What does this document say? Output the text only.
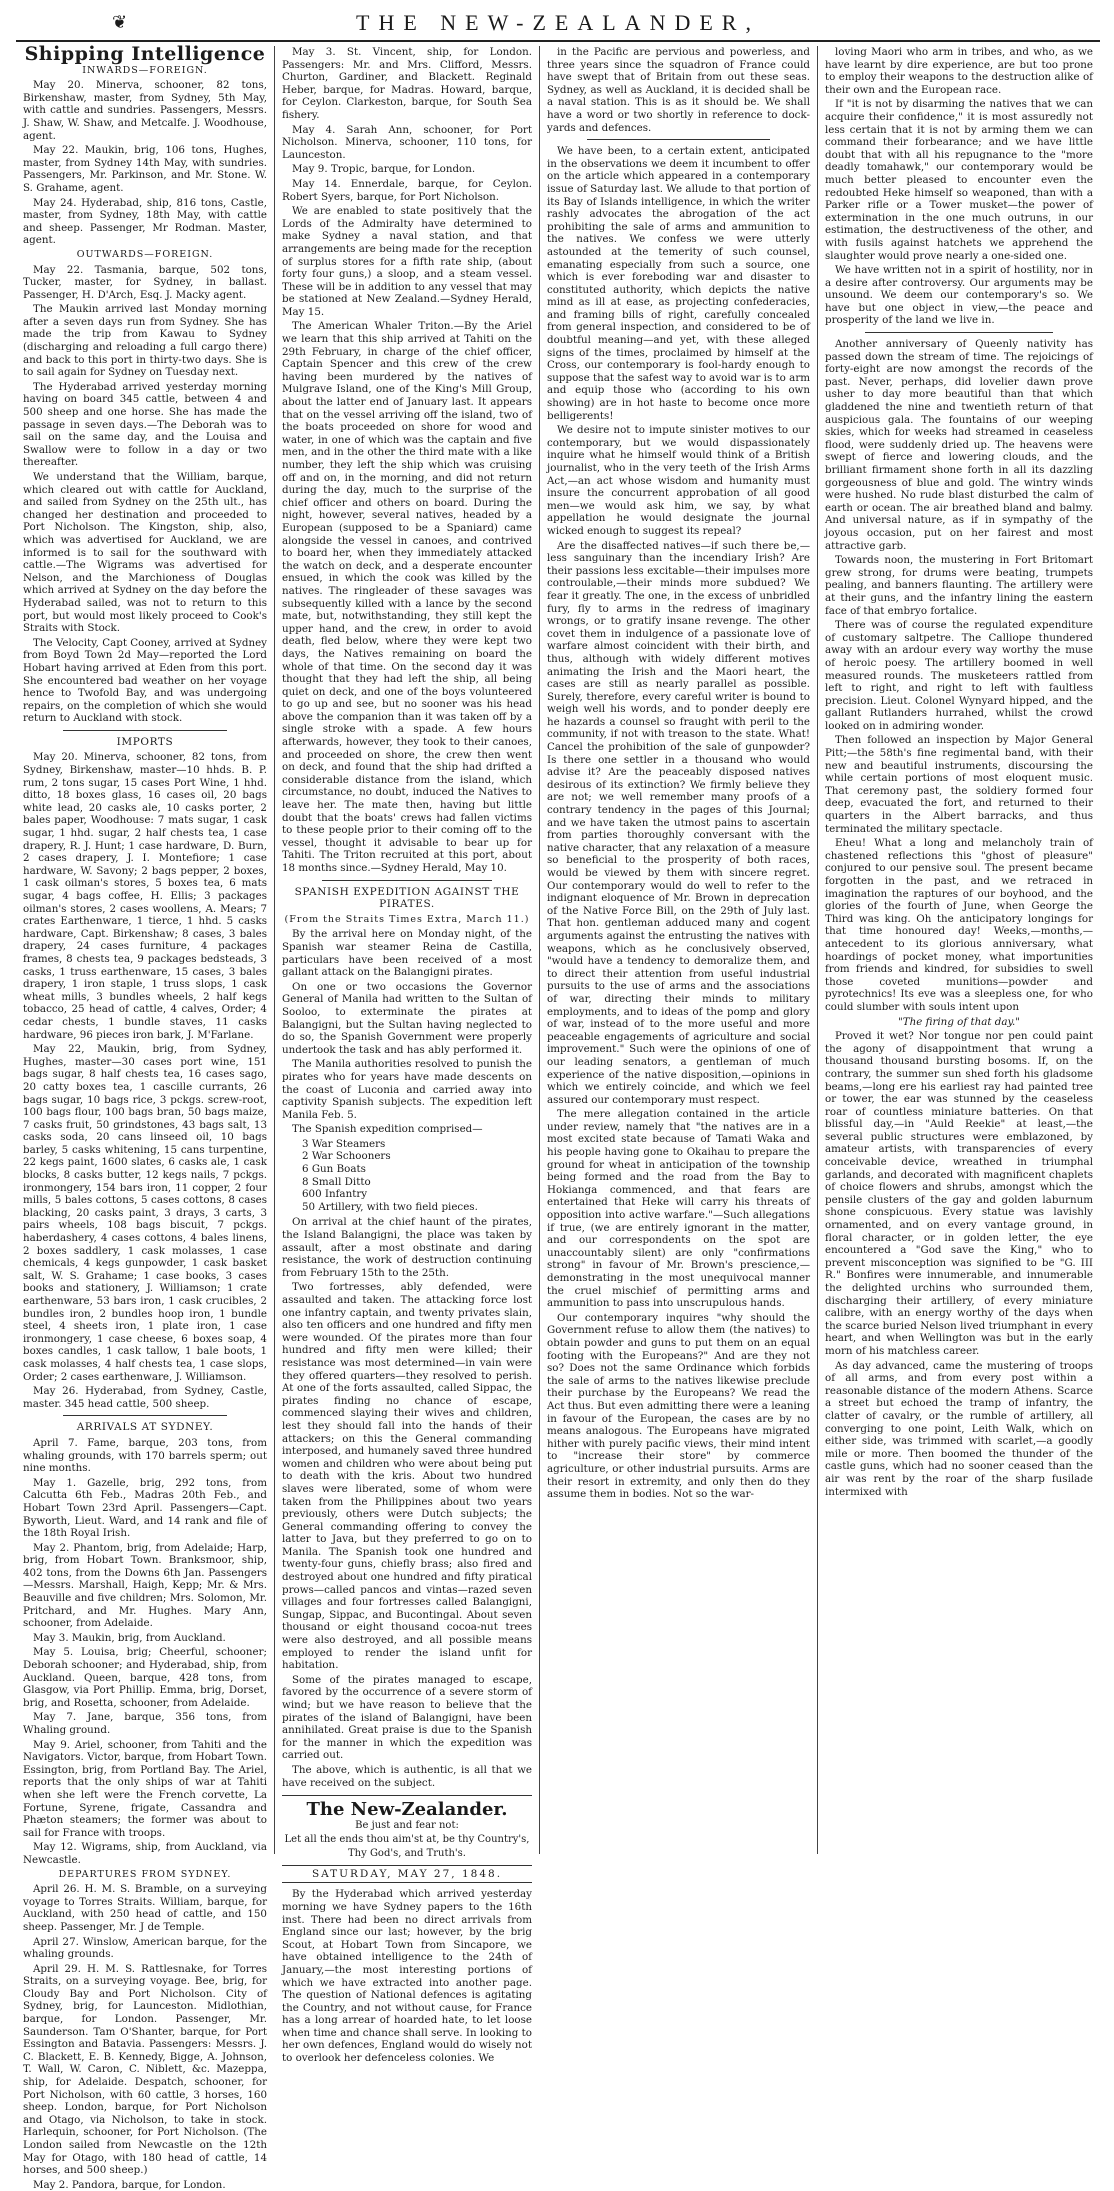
❦	THE NEW-ZEALANDER,
Shipping Intelligence
INWARDS—FOREIGN.

May 20. Minerva, schooner, 82 tons, Birkenshaw, master, from Sydney, 5th May, with cattle and sundries. Passengers, Messrs. J. Shaw, W. Shaw, and Metcalfe. J. Woodhouse, agent.

May 22. Maukin, brig, 106 tons, Hughes, master, from Sydney 14th May, with sundries. Passengers, Mr. Parkinson, and Mr. Stone. W. S. Grahame, agent.

May 24. Hyderabad, ship, 816 tons, Castle, master, from Sydney, 18th May, with cattle and sheep. Passenger, Mr Rodman. Master, agent.

OUTWARDS—FOREIGN.

May 22. Tasmania, barque, 502 tons, Tucker, master, for Sydney, in ballast. Passenger, H. D'Arch, Esq. J. Macky agent.

The Maukin arrived last Monday morning after a seven days run from Sydney. She has made the trip from Kawau to Sydney (discharging and reloading a full cargo there) and back to this port in thirty-two days. She is to sail again for Sydney on Tuesday next.

The Hyderabad arrived yesterday morning having on board 345 cattle, between 4 and 500 sheep and one horse. She has made the passage in seven days.—The Deborah was to sail on the same day, and the Louisa and Swallow were to follow in a day or two thereafter.

We understand that the William, barque, which cleared out with cattle for Auckland, and sailed from Sydney on the 25th ult., has changed her destination and proceeded to Port Nicholson. The Kingston, ship, also, which was advertised for Auckland, we are informed is to sail for the southward with cattle.—The Wigrams was advertised for Nelson, and the Marchioness of Douglas which arrived at Sydney on the day before the Hyderabad sailed, was not to return to this port, but would most likely proceed to Cook's Straits with Stock.

The Velocity, Capt Cooney, arrived at Sydney from Boyd Town 2d May—reported the Lord Hobart having arrived at Eden from this port. She encountered bad weather on her voyage hence to Twofold Bay, and was undergoing repairs, on the completion of which she would return to Auckland with stock.

IMPORTS

May 20. Minerva, schooner, 82 tons, from Sydney, Birkenshaw, master—10 hhds. B. P. rum, 2 tons sugar, 15 cases Port Wine, 1 hhd. ditto, 18 boxes glass, 16 cases oil, 20 bags white lead, 20 casks ale, 10 casks porter, 2 bales paper, Woodhouse: 7 mats sugar, 1 cask sugar, 1 hhd. sugar, 2 half chests tea, 1 case drapery, R. J. Hunt; 1 case hardware, D. Burn, 2 cases drapery, J. I. Montefiore; 1 case hardware, W. Savony; 2 bags pepper, 2 boxes, 1 cask oilman's stores, 5 boxes tea, 6 mats sugar, 4 bags coffee, H. Ellis; 3 packages oilman's stores, 2 cases woollens, A. Mears; 7 crates Earthenware, 1 tierce, 1 hhd. 5 casks hardware, Capt. Birkenshaw; 8 cases, 3 bales drapery, 24 cases furniture, 4 packages frames, 8 chests tea, 9 packages bedsteads, 3 casks, 1 truss earthenware, 15 cases, 3 bales drapery, 1 iron staple, 1 truss slops, 1 cask wheat mills, 3 bundles wheels, 2 half kegs tobacco, 25 head of cattle, 4 calves, Order; 4 cedar chests, 1 bundle staves, 11 casks hardware, 96 pieces iron bark, J. M'Farlane.

May 22, Maukin, brig, from Sydney, Hughes, master—30 cases port wine, 151 bags sugar, 8 half chests tea, 16 cases sago, 20 catty boxes tea, 1 cascille currants, 26 bags sugar, 10 bags rice, 3 pckgs. screw-root, 100 bags flour, 100 bags bran, 50 bags maize, 7 casks fruit, 50 grindstones, 43 bags salt, 13 casks soda, 20 cans linseed oil, 10 bags barley, 5 casks whitening, 15 cans turpentine, 22 kegs paint, 1600 slates, 6 casks ale, 1 cask blocks, 8 casks butter, 12 kegs nails, 7 pckgs. ironmongery, 154 bars iron, 11 copper, 2 four mills, 5 bales cottons, 5 cases cottons, 8 cases blacking, 20 casks paint, 3 drays, 3 carts, 3 pairs wheels, 108 bags biscuit, 7 pckgs. haberdashery, 4 cases cottons, 4 bales linens, 2 boxes saddlery, 1 cask molasses, 1 case chemicals, 4 kegs gunpowder, 1 cask basket salt, W. S. Grahame; 1 case books, 3 cases books and stationery, J. Williamson; 1 crate earthenware, 53 bars iron, 1 cask crucibles, 2 bundles iron, 2 bundles hoop iron, 1 bundle steel, 4 sheets iron, 1 plate iron, 1 case ironmongery, 1 case cheese, 6 boxes soap, 4 boxes candles, 1 cask tallow, 1 bale boots, 1 cask molasses, 4 half chests tea, 1 case slops, Order; 2 cases earthenware, J. Williamson.

May 26. Hyderabad, from Sydney, Castle, master. 345 head cattle, 500 sheep.

ARRIVALS AT SYDNEY.

April 7. Fame, barque, 203 tons, from whaling grounds, with 170 barrels sperm; out nine months.

May 1. Gazelle, brig, 292 tons, from Calcutta 6th Feb., Madras 20th Feb., and Hobart Town 23rd April. Passengers—Capt. Byworth, Lieut. Ward, and 14 rank and file of the 18th Royal Irish.

May 2. Phantom, brig, from Adelaide; Harp, brig, from Hobart Town. Branksmoor, ship, 402 tons, from the Downs 6th Jan. Passengers—Messrs. Marshall, Haigh, Kepp; Mr. & Mrs. Beauville and five children; Mrs. Solomon, Mr. Pritchard, and Mr. Hughes. Mary Ann, schooner, from Adelaide.

May 3. Maukin, brig, from Auckland.

May 5. Louisa, brig; Cheerful, schooner; Deborah schooner; and Hyderabad, ship, from Auckland. Queen, barque, 428 tons, from Glasgow, via Port Phillip. Emma, brig, Dorset, brig, and Rosetta, schooner, from Adelaide.

May 7. Jane, barque, 356 tons, from Whaling ground.

May 9. Ariel, schooner, from Tahiti and the Navigators. Victor, barque, from Hobart Town. Essington, brig, from Portland Bay. The Ariel, reports that the only ships of war at Tahiti when she left were the French corvette, La Fortune, Syrene, frigate, Cassandra and Phæton steamers; the former was about to sail for France with troops.

May 12. Wigrams, ship, from Auckland, via Newcastle.

DEPARTURES FROM SYDNEY.

April 26. H. M. S. Bramble, on a surveying voyage to Torres Straits. William, barque, for Auckland, with 250 head of cattle, and 150 sheep. Passenger, Mr. J de Temple.

April 27. Winslow, American barque, for the whaling grounds.

April 29. H. M. S. Rattlesnake, for Torres Straits, on a surveying voyage. Bee, brig, for Cloudy Bay and Port Nicholson. City of Sydney, brig, for Launceston. Midlothian, barque, for London. Passenger, Mr. Saunderson. Tam O'Shanter, barque, for Port Essington and Batavia. Passengers: Messrs. J. C. Blackett, E. B. Kennedy, Bigge, A. Johnson, T. Wall, W. Caron, C. Niblett, &c. Mazeppa, ship, for Adelaide. Despatch, schooner, for Port Nicholson, with 60 cattle, 3 horses, 160 sheep. London, barque, for Port Nicholson and Otago, via Nicholson, to take in stock. Harlequin, schooner, for Port Nicholson. (The London sailed from Newcastle on the 12th May for Otago, with 180 head of cattle, 14 horses, and 500 sheep.)

May 2. Pandora, barque, for London.

May 3. St. Vincent, ship, for London. Passengers: Mr. and Mrs. Clifford, Messrs. Churton, Gardiner, and Blackett. Reginald Heber, barque, for Madras. Howard, barque, for Ceylon. Clarkeston, barque, for South Sea fishery.

May 4. Sarah Ann, schooner, for Port Nicholson. Minerva, schooner, 110 tons, for Launceston.

May 9. Tropic, barque, for London.

May 14. Ennerdale, barque, for Ceylon. Robert Syers, barque, for Port Nicholson.

We are enabled to state positively that the Lords of the Admiralty have determined to make Sydney a naval station, and that arrangements are being made for the reception of surplus stores for a fifth rate ship, (about forty four guns,) a sloop, and a steam vessel. These will be in addition to any vessel that may be stationed at New Zealand.—Sydney Herald, May 15.

The American Whaler Triton.—By the Ariel we learn that this ship arrived at Tahiti on the 29th February, in charge of the chief officer, Captain Spencer and this crew of the crew having been murdered by the natives of Mulgrave Island, one of the King's Mill Group, about the latter end of January last. It appears that on the vessel arriving off the island, two of the boats proceeded on shore for wood and water, in one of which was the captain and five men, and in the other the third mate with a like number, they left the ship which was cruising off and on, in the morning, and did not return during the day, much to the surprise of the chief officer and others on board. During the night, however, several natives, headed by a European (supposed to be a Spaniard) came alongside the vessel in canoes, and contrived to board her, when they immediately attacked the watch on deck, and a desperate encounter ensued, in which the cook was killed by the natives. The ringleader of these savages was subsequently killed with a lance by the second mate, but, notwithstanding, they still kept the upper hand, and the crew, in order to avoid death, fled below, where they were kept two days, the Natives remaining on board the whole of that time. On the second day it was thought that they had left the ship, all being quiet on deck, and one of the boys volunteered to go up and see, but no sooner was his head above the companion than it was taken off by a single stroke with a spade. A few hours afterwards, however, they took to their canoes, and proceeded on shore, the crew then went on deck, and found that the ship had drifted a considerable distance from the island, which circumstance, no doubt, induced the Natives to leave her. The mate then, having but little doubt that the boats' crews had fallen victims to these people prior to their coming off to the vessel, thought it advisable to bear up for Tahiti. The Triton recruited at this port, about 18 months since.—Sydney Herald, May 10.

SPANISH EXPEDITION AGAINST THE PIRATES.
(From the Straits Times Extra, March 11.)

By the arrival here on Monday night, of the Spanish war steamer Reina de Castilla, particulars have been received of a most gallant attack on the Balangigni pirates.

On one or two occasions the Governor General of Manila had written to the Sultan of Sooloo, to exterminate the pirates at Balangigni, but the Sultan having neglected to do so, the Spanish Government were properly undertook the task and has ably performed it.

The Manila authorities resolved to punish the pirates who for years have made descents on the coast of Luconia and carried away into captivity Spanish subjects. The expedition left Manila Feb. 5.

The Spanish expedition comprised—

3 War Steamers
2 War Schooners
6 Gun Boats
8 Small Ditto
600 Infantry
50 Artillery, with two field pieces.

On arrival at the chief haunt of the pirates, the Island Balangigni, the place was taken by assault, after a most obstinate and daring resistance, the work of destruction continuing from February 15th to the 25th.

Two fortresses, ably defended, were assaulted and taken. The attacking force lost one infantry captain, and twenty privates slain, also ten officers and one hundred and fifty men were wounded. Of the pirates more than four hundred and fifty men were killed; their resistance was most determined—in vain were they offered quarters—they resolved to perish. At one of the forts assaulted, called Sippac, the pirates finding no chance of escape, commenced slaying their wives and children, lest they should fall into the hands of their attackers; on this the General commanding interposed, and humanely saved three hundred women and children who were about being put to death with the kris. About two hundred slaves were liberated, some of whom were taken from the Philippines about two years previously, others were Dutch subjects; the General commanding offering to convey the latter to Java, but they preferred to go on to Manila. The Spanish took one hundred and twenty-four guns, chiefly brass; also fired and destroyed about one hundred and fifty piratical prows—called pancos and vintas—razed seven villages and four fortresses called Balangigni, Sungap, Sippac, and Bucontingal. About seven thousand or eight thousand cocoa-nut trees were also destroyed, and all possible means employed to render the island unfit for habitation.

Some of the pirates managed to escape, favored by the occurrence of a severe storm of wind; but we have reason to believe that the pirates of the island of Balangigni, have been annihilated. Great praise is due to the Spanish for the manner in which the expedition was carried out.

The above, which is authentic, is all that we have received on the subject.

The New-Zealander.
Be just and fear not:
Let all the ends thou aim'st at, be thy Country's,
Thy God's, and Truth's.
SATURDAY, MAY 27, 1848.

By the Hyderabad which arrived yesterday morning we have Sydney papers to the 16th inst. There had been no direct arrivals from England since our last; however, by the brig Scout, at Hobart Town from Sincapore, we have obtained intelligence to the 24th of January,—the most interesting portions of which we have extracted into another page. The question of National defences is agitating the Country, and not without cause, for France has a long arrear of hoarded hate, to let loose when time and chance shall serve. In looking to her own defences, England would do wisely not to overlook her defenceless colonies. We

in the Pacific are pervious and powerless, and three years since the squadron of France could have swept that of Britain from out these seas. Sydney, as well as Auckland, it is decided shall be a naval station. This is as it should be. We shall have a word or two shortly in reference to dock-yards and defences.

We have been, to a certain extent, anticipated in the observations we deem it incumbent to offer on the article which appeared in a contemporary issue of Saturday last. We allude to that portion of its Bay of Islands intelligence, in which the writer rashly advocates the abrogation of the act prohibiting the sale of arms and ammunition to the natives. We confess we were utterly astounded at the temerity of such counsel, emanating especially from such a source, one which is ever foreboding war and disaster to constituted authority, which depicts the native mind as ill at ease, as projecting confederacies, and framing bills of right, carefully concealed from general inspection, and considered to be of doubtful meaning—and yet, with these alleged signs of the times, proclaimed by himself at the Cross, our contemporary is fool-hardy enough to suppose that the safest way to avoid war is to arm and equip those who (according to his own showing) are in hot haste to become once more belligerents!

We desire not to impute sinister motives to our contemporary, but we would dispassionately inquire what he himself would think of a British journalist, who in the very teeth of the Irish Arms Act,—an act whose wisdom and humanity must insure the concurrent approbation of all good men—we would ask him, we say, by what appellation he would designate the journal wicked enough to suggest its repeal?

Are the disaffected natives—if such there be,—less sanguinary than the incendiary Irish? Are their passions less excitable—their impulses more controulable,—their minds more subdued? We fear it greatly. The one, in the excess of unbridled fury, fly to arms in the redress of imaginary wrongs, or to gratify insane revenge. The other covet them in indulgence of a passionate love of warfare almost coincident with their birth, and thus, although with widely different motives animating the Irish and the Maori heart, the cases are still as nearly parallel as possible. Surely, therefore, every careful writer is bound to weigh well his words, and to ponder deeply ere he hazards a counsel so fraught with peril to the community, if not with treason to the state. What! Cancel the prohibition of the sale of gunpowder? Is there one settler in a thousand who would advise it? Are the peaceably disposed natives desirous of its extinction? We firmly believe they are not; we well remember many proofs of a contrary tendency in the pages of this Journal; and we have taken the utmost pains to ascertain from parties thoroughly conversant with the native character, that any relaxation of a measure so beneficial to the prosperity of both races, would be viewed by them with sincere regret. Our contemporary would do well to refer to the indignant eloquence of Mr. Brown in deprecation of the Native Force Bill, on the 29th of July last. That hon. gentleman adduced many and cogent arguments against the entrusting the natives with weapons, which as he conclusively observed, "would have a tendency to demoralize them, and to direct their attention from useful industrial pursuits to the use of arms and the associations of war, directing their minds to military employments, and to ideas of the pomp and glory of war, instead of to the more useful and more peaceable engagements of agriculture and social improvement." Such were the opinions of one of our leading senators, a gentleman of much experience of the native disposition,—opinions in which we entirely coincide, and which we feel assured our contemporary must respect.

The mere allegation contained in the article under review, namely that "the natives are in a most excited state because of Tamati Waka and his people having gone to Okaihau to prepare the ground for wheat in anticipation of the township being formed and the road from the Bay to Hokianga commenced, and that fears are entertained that Heke will carry his threats of opposition into active warfare."—Such allegations if true, (we are entirely ignorant in the matter, and our correspondents on the spot are unaccountably silent) are only "confirmations strong" in favour of Mr. Brown's prescience,—demonstrating in the most unequivocal manner the cruel mischief of permitting arms and ammunition to pass into unscrupulous hands.

Our contemporary inquires "why should the Government refuse to allow them (the natives) to obtain powder and guns to put them on an equal footing with the Europeans?" And are they not so? Does not the same Ordinance which forbids the sale of arms to the natives likewise preclude their purchase by the Europeans? We read the Act thus. But even admitting there were a leaning in favour of the European, the cases are by no means analogous. The Europeans have migrated hither with purely pacific views, their mind intent to "increase their store" by commerce agriculture, or other industrial pursuits. Arms are their resort in extremity, and only then do they assume them in bodies. Not so the war-

loving Maori who arm in tribes, and who, as we have learnt by dire experience, are but too prone to employ their weapons to the destruction alike of their own and the European race.

If "it is not by disarming the natives that we can acquire their confidence," it is most assuredly not less certain that it is not by arming them we can command their forbearance; and we have little doubt that with all his repugnance to the "more deadly tomahawk," our contemporary would be much better pleased to encounter even the redoubted Heke himself so weaponed, than with a Parker rifle or a Tower musket—the power of extermination in the one much outruns, in our estimation, the destructiveness of the other, and with fusils against hatchets we apprehend the slaughter would prove nearly a one-sided one.

We have written not in a spirit of hostility, nor in a desire after controversy. Our arguments may be unsound. We deem our contemporary's so. We have but one object in view,—the peace and prosperity of the land we live in.

Another anniversary of Queenly nativity has passed down the stream of time. The rejoicings of forty-eight are now amongst the records of the past. Never, perhaps, did lovelier dawn prove usher to day more beautiful than that which gladdened the nine and twentieth return of that auspicious gala. The fountains of our weeping skies, which for weeks had streamed in ceaseless flood, were suddenly dried up. The heavens were swept of fierce and lowering clouds, and the brilliant firmament shone forth in all its dazzling gorgeousness of blue and gold. The wintry winds were hushed. No rude blast disturbed the calm of earth or ocean. The air breathed bland and balmy. And universal nature, as if in sympathy of the joyous occasion, put on her fairest and most attractive garb.

Towards noon, the mustering in Fort Britomart grew strong, for drums were beating, trumpets pealing, and banners flaunting. The artillery were at their guns, and the infantry lining the eastern face of that embryo fortalice.

There was of course the regulated expenditure of customary saltpetre. The Calliope thundered away with an ardour every way worthy the muse of heroic poesy. The artillery boomed in well measured rounds. The musketeers rattled from left to right, and right to left with faultless precision. Lieut. Colonel Wynyard hipped, and the gallant Rutlanders hurrahed, whilst the crowd looked on in admiring wonder.

Then followed an inspection by Major General Pitt;—the 58th's fine regimental band, with their new and beautiful instruments, discoursing the while certain portions of most eloquent music. That ceremony past, the soldiery formed four deep, evacuated the fort, and returned to their quarters in the Albert barracks, and thus terminated the military spectacle.

Eheu! What a long and melancholy train of chastened reflections this "ghost of pleasure" conjured to our pensive soul. The present became forgotten in the past, and we retraced in imagination the raptures of our boyhood, and the glories of the fourth of June, when George the Third was king. Oh the anticipatory longings for that time honoured day! Weeks,—months,—antecedent to its glorious anniversary, what hoardings of pocket money, what importunities from friends and kindred, for subsidies to swell those coveted munitions—powder and pyrotechnics! Its eve was a sleepless one, for who could slumber with souls intent upon

"The firing of that day."

Proved it wet? Nor tongue nor pen could paint the agony of disappointment that wrung a thousand thousand bursting bosoms. If, on the contrary, the summer sun shed forth his gladsome beams,—long ere his earliest ray had painted tree or tower, the ear was stunned by the ceaseless roar of countless miniature batteries. On that blissful day,—in "Auld Reekie" at least,—the several public structures were emblazoned, by amateur artists, with transparencies of every conceivable device, wreathed in triumphal garlands, and decorated with magnificent chaplets of choice flowers and shrubs, amongst which the pensile clusters of the gay and golden laburnum shone conspicuous. Every statue was lavishly ornamented, and on every vantage ground, in floral character, or in golden letter, the eye encountered a "God save the King," who to prevent misconception was signified to be "G. III R." Bonfires were innumerable, and innumerable the delighted urchins who surrounded them, discharging their artillery, of every miniature calibre, with an energy worthy of the days when the scarce buried Nelson lived triumphant in every heart, and when Wellington was but in the early morn of his matchless career.

As day advanced, came the mustering of troops of all arms, and from every post within a reasonable distance of the modern Athens. Scarce a street but echoed the tramp of infantry, the clatter of cavalry, or the rumble of artillery, all converging to one point, Leith Walk, which on either side, was trimmed with scarlet,—a goodly mile or more. Then boomed the thunder of the castle guns, which had no sooner ceased than the air was rent by the roar of the sharp fusilade intermixed with
